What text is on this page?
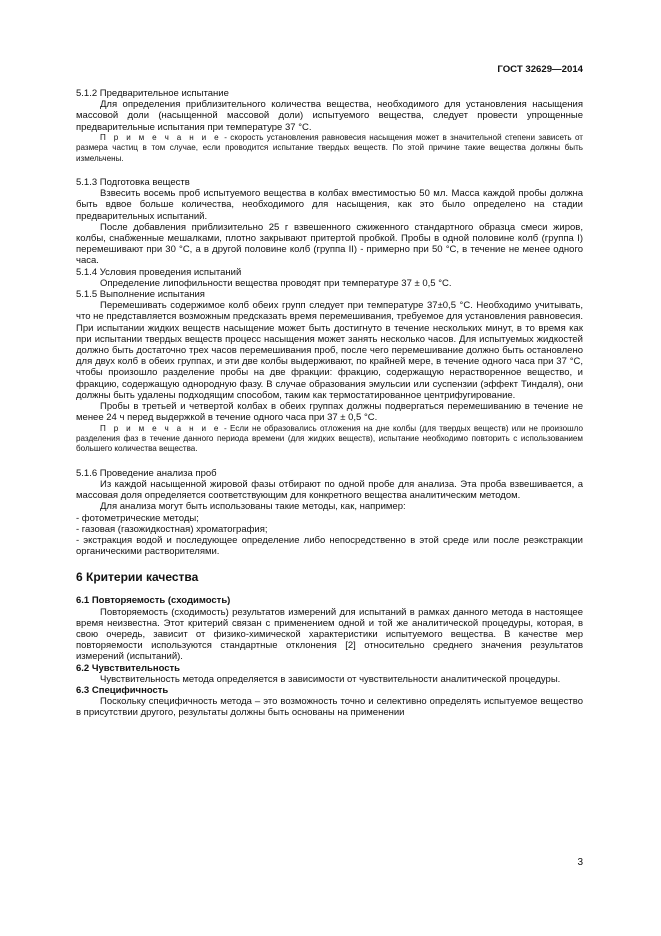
ГОСТ 32629—2014

5.1.2 Предварительное испытание

Для определения приблизительного количества вещества, необходимого для установления насыщения массовой доли (насыщенной массовой доли) испытуемого вещества, следует провести упрощенные предварительные испытания при температуре 37 °С.

П р и м е ч а н и е - скорость установления равновесия насыщения может в значительной степени зависеть от размера частиц в том случае, если проводится испытание твердых веществ. По этой причине такие вещества должны быть измельчены.

5.1.3 Подготовка веществ

Взвесить восемь проб испытуемого вещества в колбах вместимостью 50 мл. Масса каждой пробы должна быть вдвое больше количества, необходимого для насыщения, как это было определено на стадии предварительных испытаний.

После добавления приблизительно 25 г взвешенного сжиженного стандартного образца смеси жиров, колбы, снабженные мешалками, плотно закрывают притертой пробкой. Пробы в одной половине колб (группа I) перемешивают при 30 °С, а в другой половине колб (группа II) - примерно при 50 °С, в течение не менее одного часа.

5.1.4 Условия проведения испытаний

Определение липофильности вещества проводят при температуре 37 ± 0,5 °С.

5.1.5 Выполнение испытания

Перемешивать содержимое колб обеих групп следует при температуре 37±0,5 °С. Необходимо учитывать, что не представляется возможным предсказать время перемешивания, требуемое для установления равновесия. При испытании жидких веществ насыщение может быть достигнуто в течение нескольких минут, в то время как при испытании твердых веществ процесс насыщения может занять несколько часов. Для испытуемых жидкостей должно быть достаточно трех часов перемешивания проб, после чего перемешивание должно быть остановлено для двух колб в обеих группах, и эти две колбы выдерживают, по крайней мере, в течение одного часа при 37 °С, чтобы произошло разделение пробы на две фракции: фракцию, содержащую нерастворенное вещество, и фракцию, содержащую однородную фазу. В случае образования эмульсии или суспензии (эффект Тиндаля), они должны быть удалены подходящим способом, таким как термостатированное центрифугирование.

Пробы в третьей и четвертой колбах в обеих группах должны подвергаться перемешиванию в течение не менее 24 ч перед выдержкой в течение одного часа при 37 ± 0,5 °С.

П р и м е ч а н и е - Если не образовались отложения на дне колбы (для твердых веществ) или не произошло разделения фаз в течение данного периода времени (для жидких веществ), испытание необходимо повторить с использованием большего количества вещества.

5.1.6 Проведение анализа проб

Из каждой насыщенной жировой фазы отбирают по одной пробе для анализа. Эта проба взвешивается, а массовая доля определяется соответствующим для конкретного вещества аналитическим методом.

Для анализа могут быть использованы такие методы, как, например:

- фотометрические методы;

- газовая (газожидкостная) хроматография;

- экстракция водой и последующее определение либо непосредственно в этой среде или после реэкстракции органическими растворителями.

6 Критерии качества

6.1 Повторяемость (сходимость)

Повторяемость (сходимость) результатов измерений для испытаний в рамках данного метода в настоящее время неизвестна. Этот критерий связан с применением одной и той же аналитической процедуры, которая, в свою очередь, зависит от физико-химической характеристики испытуемого вещества. В качестве мер повторяемости используются стандартные отклонения [2] относительно среднего значения результатов измерений (испытаний).

6.2 Чувствительность

Чувствительность метода определяется в зависимости от чувствительности аналитической процедуры.

6.3 Специфичность

Поскольку специфичность метода – это возможность точно и селективно определять испытуемое вещество в присутствии другого, результаты должны быть основаны на применении

3
